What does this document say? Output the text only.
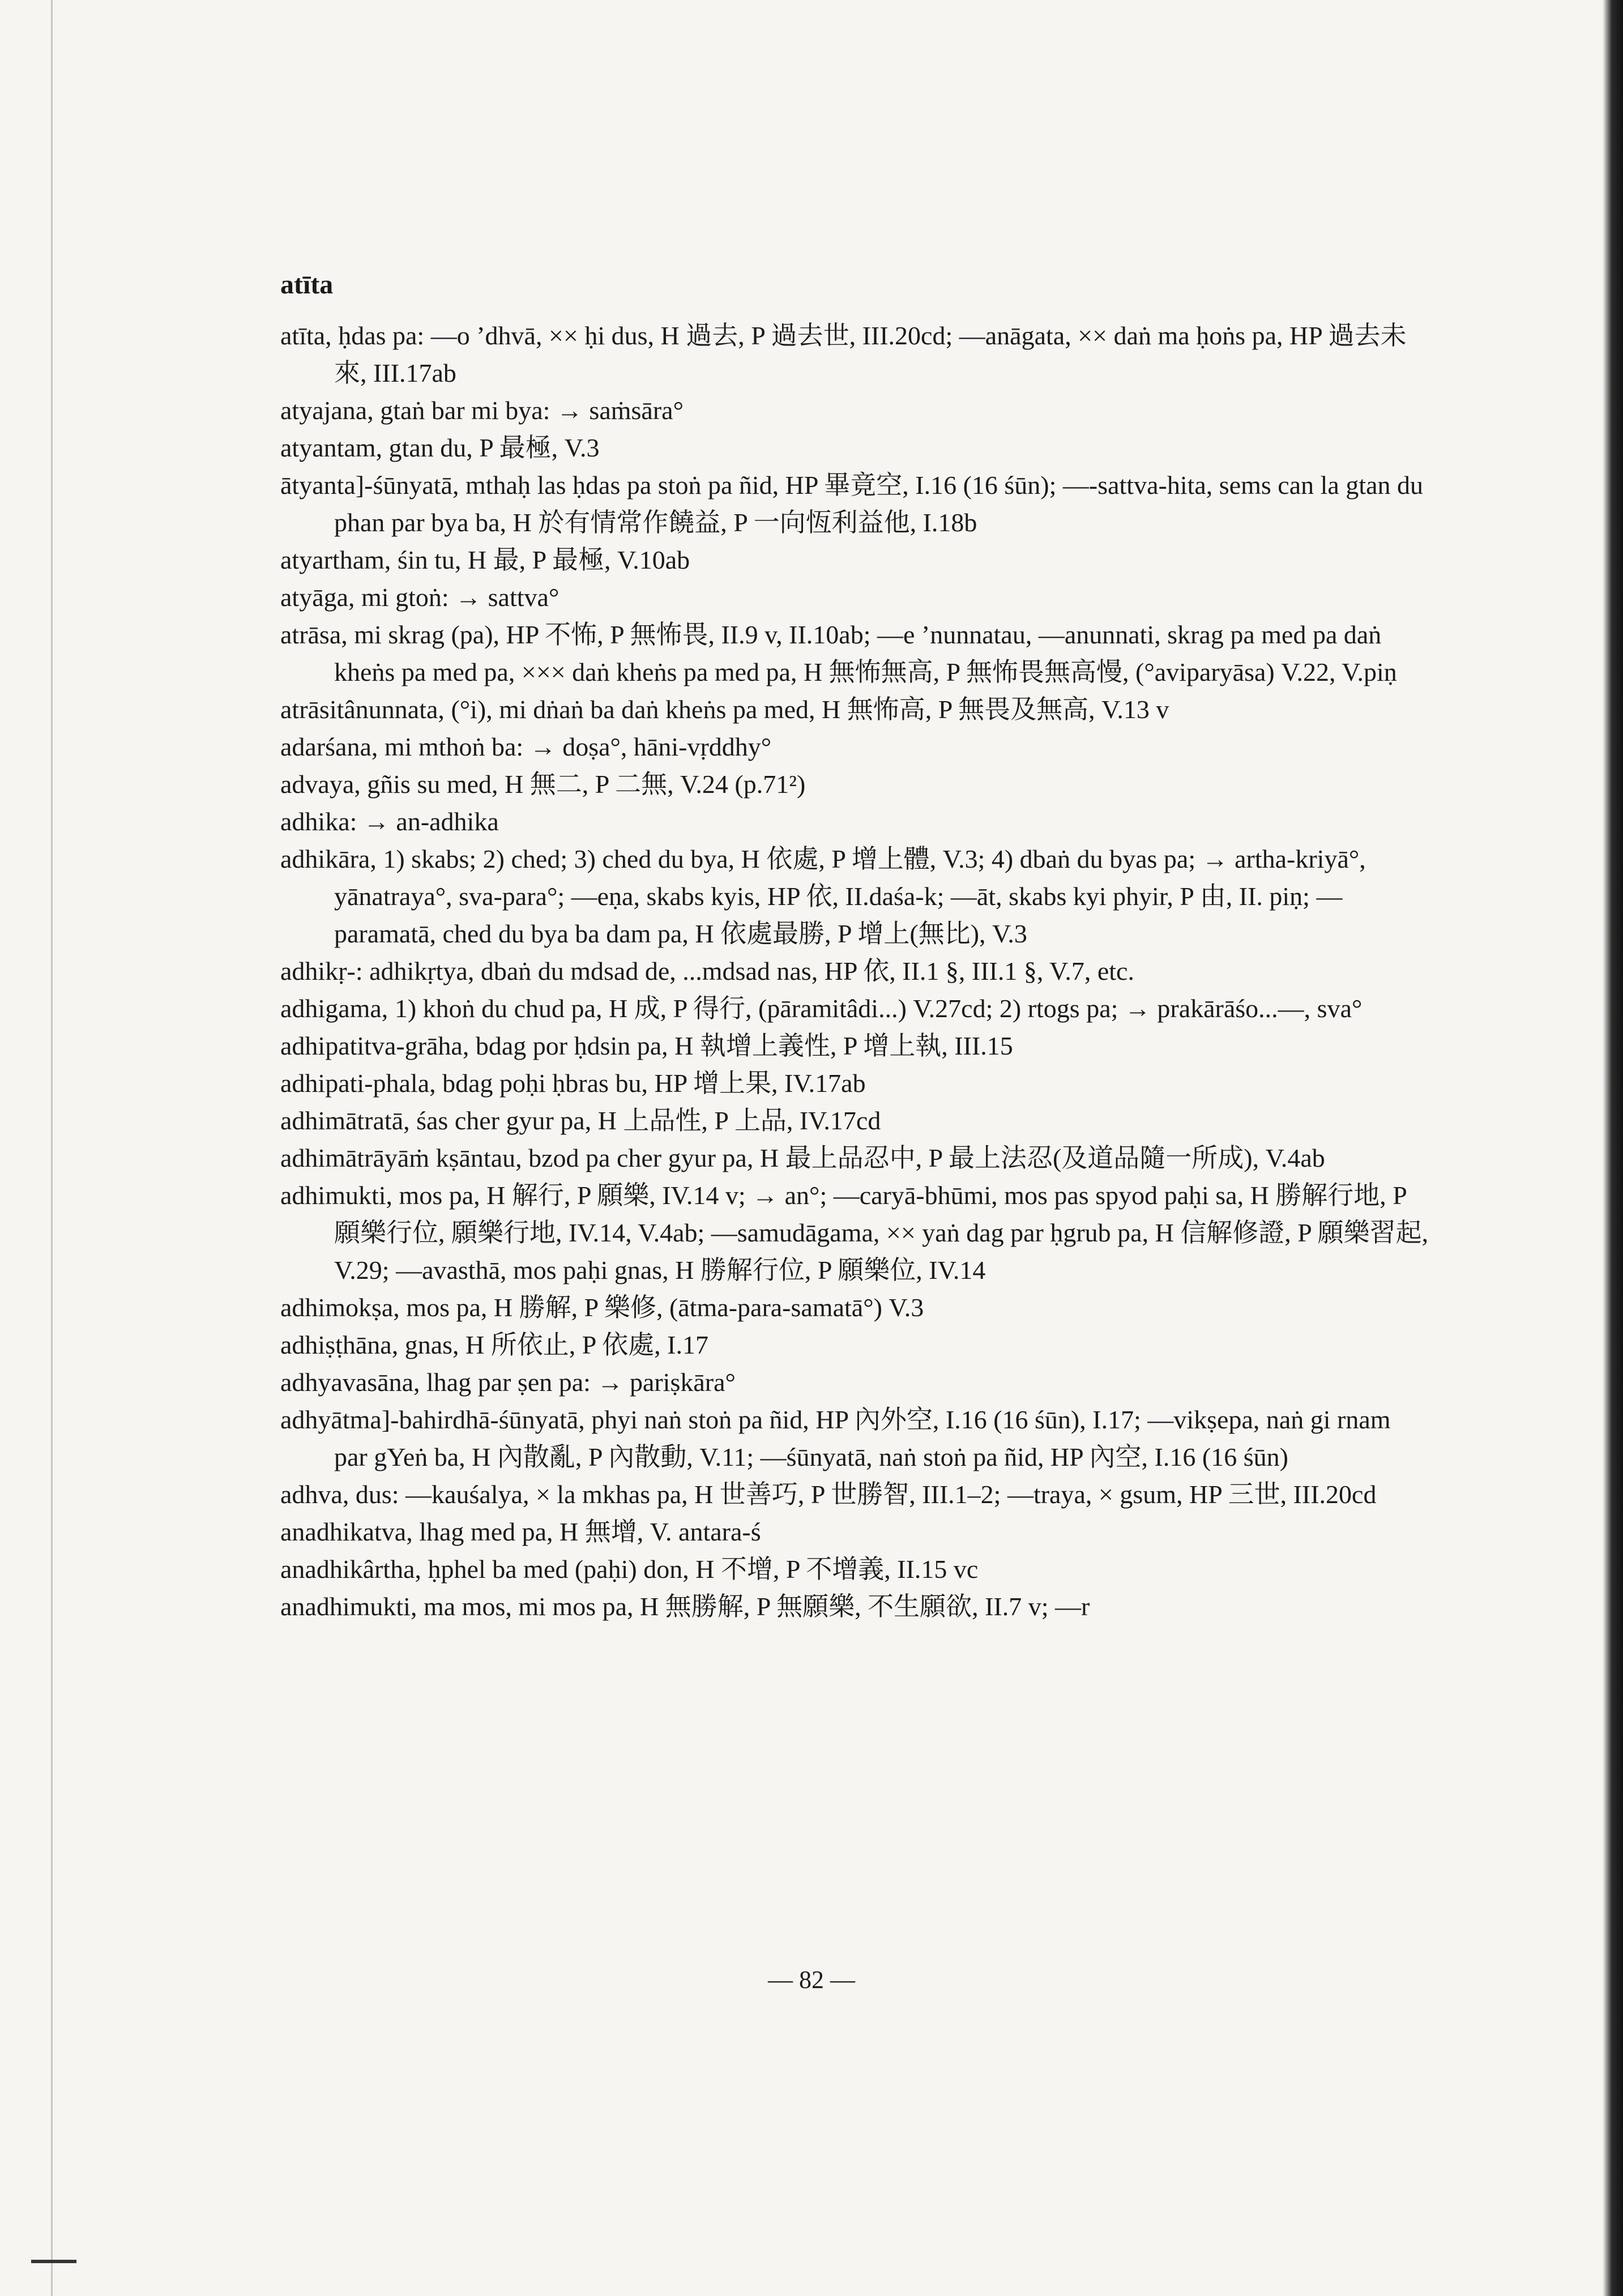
atīta

atīta, ḥdas pa: —o ’dhvā, ×× ḥi dus, H 過去, P 過去世, III.20cd; —anāgata, ×× daṅ ma ḥoṅs pa, HP 過去未來, III.17ab

atyajana, gtaṅ bar mi bya: → saṁsāra°

atyantam, gtan du, P 最極, V.3

ātyanta]-śūnyatā, mthaḥ las ḥdas pa stoṅ pa ñid, HP 畢竟空, I.16 (16 śūn); —-sattva-hita, sems can la gtan du phan par bya ba, H 於有情常作饒益, P 一向恆利益他, I.18b

atyartham, śin tu, H 最, P 最極, V.10ab

atyāga, mi gtoṅ: → sattva°

atrāsa, mi skrag (pa), HP 不怖, P 無怖畏, II.9 v, II.10ab; —e ’nunnatau, —anunnati, skrag pa med pa daṅ kheṅs pa med pa, ××× daṅ kheṅs pa med pa, H 無怖無高, P 無怖畏無高慢, (°aviparyāsa) V.22, V.piṇ

atrāsitânunnata, (°i), mi dṅaṅ ba daṅ kheṅs pa med, H 無怖高, P 無畏及無高, V.13 v

adarśana, mi mthoṅ ba: → doṣa°, hāni-vṛddhy°

advaya, gñis su med, H 無二, P 二無, V.24 (p.71²)

adhika: → an-adhika

adhikāra, 1) skabs; 2) ched; 3) ched du bya, H 依處, P 增上體, V.3; 4) dbaṅ du byas pa; → artha-kriyā°, yānatraya°, sva-para°; —eṇa, skabs kyis, HP 依, II.daśa-k; —āt, skabs kyi phyir, P 由, II. piṇ; —paramatā, ched du bya ba dam pa, H 依處最勝, P 增上(無比), V.3

adhikṛ-: adhikṛtya, dbaṅ du mdsad de, ...mdsad nas, HP 依, II.1 §, III.1 §, V.7, etc.

adhigama, 1) khoṅ du chud pa, H 成, P 得行, (pāramitâdi...) V.27cd; 2) rtogs pa; → prakārāśo...—, sva°

adhipatitva-grāha, bdag por ḥdsin pa, H 執增上義性, P 增上執, III.15

adhipati-phala, bdag poḥi ḥbras bu, HP 增上果, IV.17ab

adhimātratā, śas cher gyur pa, H 上品性, P 上品, IV.17cd

adhimātrāyāṁ kṣāntau, bzod pa cher gyur pa, H 最上品忍中, P 最上法忍(及道品隨一所成), V.4ab

adhimukti, mos pa, H 解行, P 願樂, IV.14 v; → an°; —caryā-bhūmi, mos pas spyod paḥi sa, H 勝解行地, P 願樂行位, 願樂行地, IV.14, V.4ab; —samudāgama, ×× yaṅ dag par ḥgrub pa, H 信解修證, P 願樂習起, V.29; —avasthā, mos paḥi gnas, H 勝解行位, P 願樂位, IV.14

adhimokṣa, mos pa, H 勝解, P 樂修, (ātma-para-samatā°) V.3

adhiṣṭhāna, gnas, H 所依止, P 依處, I.17

adhyavasāna, lhag par ṣen pa: → pariṣkāra°

adhyātma]-bahirdhā-śūnyatā, phyi naṅ stoṅ pa ñid, HP 內外空, I.16 (16 śūn), I.17; —vikṣepa, naṅ gi rnam par gYeṅ ba, H 內散亂, P 內散動, V.11; —śūnyatā, naṅ stoṅ pa ñid, HP 內空, I.16 (16 śūn)

adhva, dus: —kauśalya, × la mkhas pa, H 世善巧, P 世勝智, III.1–2; —traya, × gsum, HP 三世, III.20cd

anadhikatva, lhag med pa, H 無增, V. antara-ś

anadhikârtha, ḥphel ba med (paḥi) don, H 不增, P 不增義, II.15 vc

anadhimukti, ma mos, mi mos pa, H 無勝解, P 無願樂, 不生願欲, II.7 v; —r

— 82 —
